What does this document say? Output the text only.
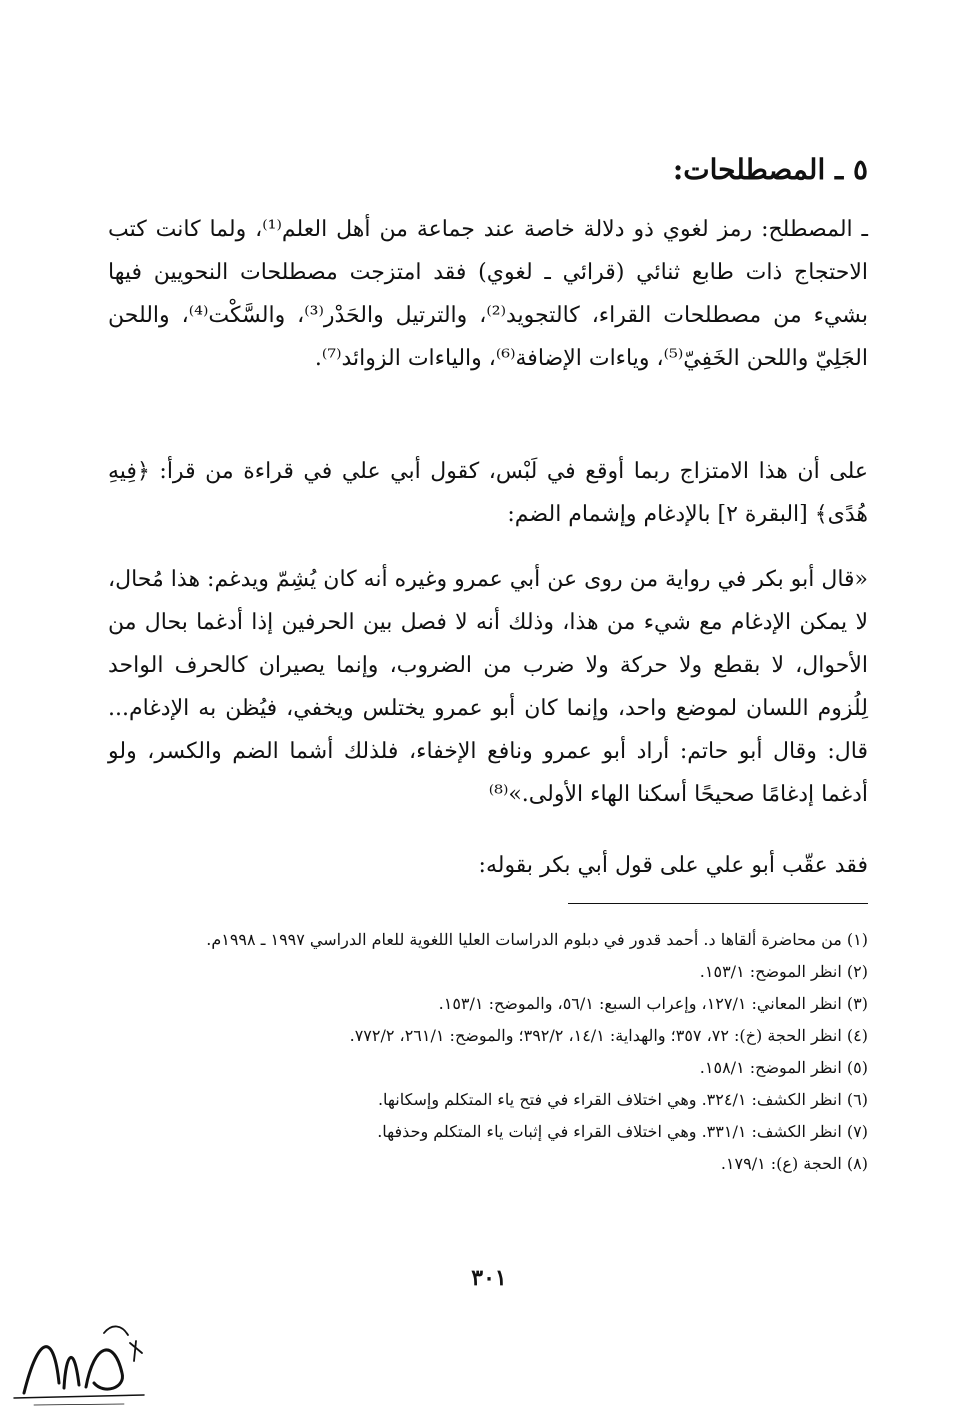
٥ ـ المصطلحات:

ـ المصطلح: رمز لغوي ذو دلالة خاصة عند جماعة من أهل العلم⁽¹⁾، ولما كانت كتب الاحتجاج ذات طابع ثنائي (قرائي ـ لغوي) فقد امتزجت مصطلحات النحويين فيها بشيء من مصطلحات القراء، كالتجويد⁽²⁾، والترتيل والحَدْر⁽³⁾، والسَّكْت⁽⁴⁾، واللحن الجَلِيّ واللحن الخَفِيّ⁽⁵⁾، وياءات الإضافة⁽⁶⁾، والياءات الزوائد⁽⁷⁾.

على أن هذا الامتزاج ربما أوقع في لَبْس، كقول أبي علي في قراءة من قرأ: ﴿فِيهِ هُدًى﴾ [البقرة ٢] بالإدغام وإشمام الضم:

«قال أبو بكر في رواية من روى عن أبي عمرو وغيره أنه كان يُشِمّ ويدغم: هذا مُحال، لا يمكن الإدغام مع شيء من هذا، وذلك أنه لا فصل بين الحرفين إذا أدغما بحال من الأحوال، لا بقطع ولا حركة ولا ضرب من الضروب، وإنما يصيران كالحرف الواحد لِلُزوم اللسان لموضع واحد، وإنما كان أبو عمرو يختلس ويخفي، فيُظن به الإدغام... قال: وقال أبو حاتم: أراد أبو عمرو ونافع الإخفاء، فلذلك أشما الضم والكسر، ولو أدغما إدغامًا صحيحًا أسكنا الهاء الأولى.»⁽⁸⁾

فقد عقّب أبو علي على قول أبي بكر بقوله:

(١) من محاضرة ألقاها د. أحمد قدور في دبلوم الدراسات العليا اللغوية للعام الدراسي ١٩٩٧ ـ ١٩٩٨م.
(٢) انظر الموضح: ١٥٣/١.
(٣) انظر المعاني: ١٢٧/١، وإعراب السبع: ٥٦/١، والموضح: ١٥٣/١.
(٤) انظر الحجة (خ): ٧٢، ٣٥٧؛ والهداية: ١٤/١، ٣٩٢/٢؛ والموضح: ٢٦١/١، ٧٧٢/٢.
(٥) انظر الموضح: ١٥٨/١.
(٦) انظر الكشف: ٣٢٤/١. وهي اختلاف القراء في فتح ياء المتكلم وإسكانها.
(٧) انظر الكشف: ٣٣١/١. وهي اختلاف القراء في إثبات ياء المتكلم وحذفها.
(٨) الحجة (ع): ١٧٩/١.
٣٠١
